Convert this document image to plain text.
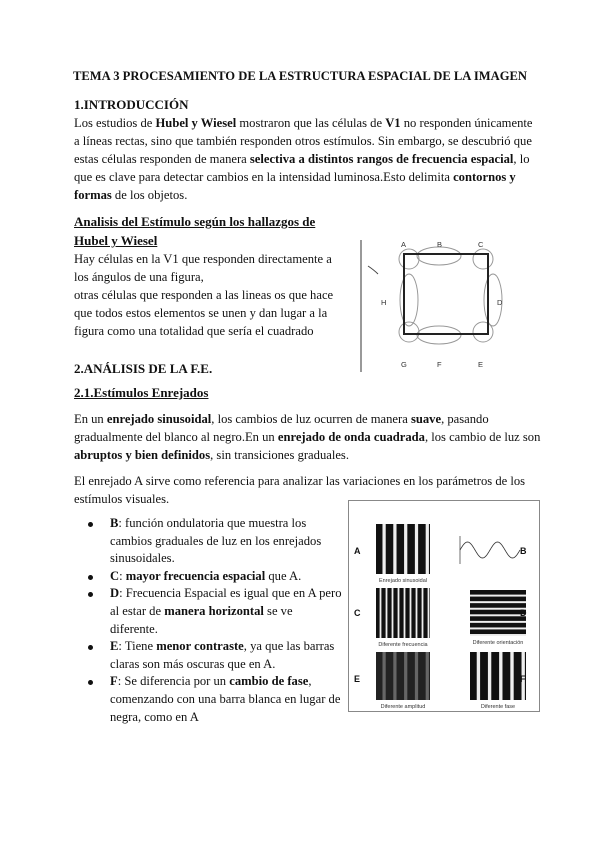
TEMA 3 PROCESAMIENTO DE LA ESTRUCTURA ESPACIAL DE LA IMAGEN

1.INTRODUCCIÓN

Los estudios de Hubel y Wiesel mostraron que las células de V1 no responden únicamente a líneas rectas, sino que también responden otros estímulos. Sin embargo, se descubrió que estas células responden de manera selectiva a distintos rangos de frecuencia espacial, lo que es clave para detectar cambios en la intensidad luminosa.Esto delimita contornos y formas de los objetos.

Analisis del Estímulo según los hallazgos de Hubel y Wiesel

Hay células en la V1 que responden directamente a los ángulos de una figura,

otras células que responden a las lineas os que hace que todos estos elementos se unen y dan lugar a la figura como una totalidad que sería el cuadrado

A	B	C
D
E
F
G
H

2.ANÁLISIS DE LA F.E.

2.1.Estímulos Enrejados

En un enrejado sinusoidal, los cambios de luz ocurren de manera suave, pasando gradualmente del blanco al negro.En un enrejado de onda cuadrada, los cambio de luz son abruptos y bien definidos, sin transiciones graduales.

El enrejado A sirve como referencia para analizar las variaciones en los parámetros de los estímulos visuales.

B: función ondulatoria que muestra los cambios graduales de luz en los enrejados sinusoidales.
C: mayor frecuencia espacial que A.
D: Frecuencia Espacial es igual que en A pero al estar de manera horizontal se ve diferente.
E: Tiene menor contraste, ya que las barras claras son más oscuras que en A.
F: Se diferencia por un cambio de fase, comenzando con una barra blanca en lugar de negra, como en A
A	B
C	D
E	F
Enrejado sinusoidal
Diferente frecuencia	Diferente orientación
Diferente amplitud	Diferente fase
